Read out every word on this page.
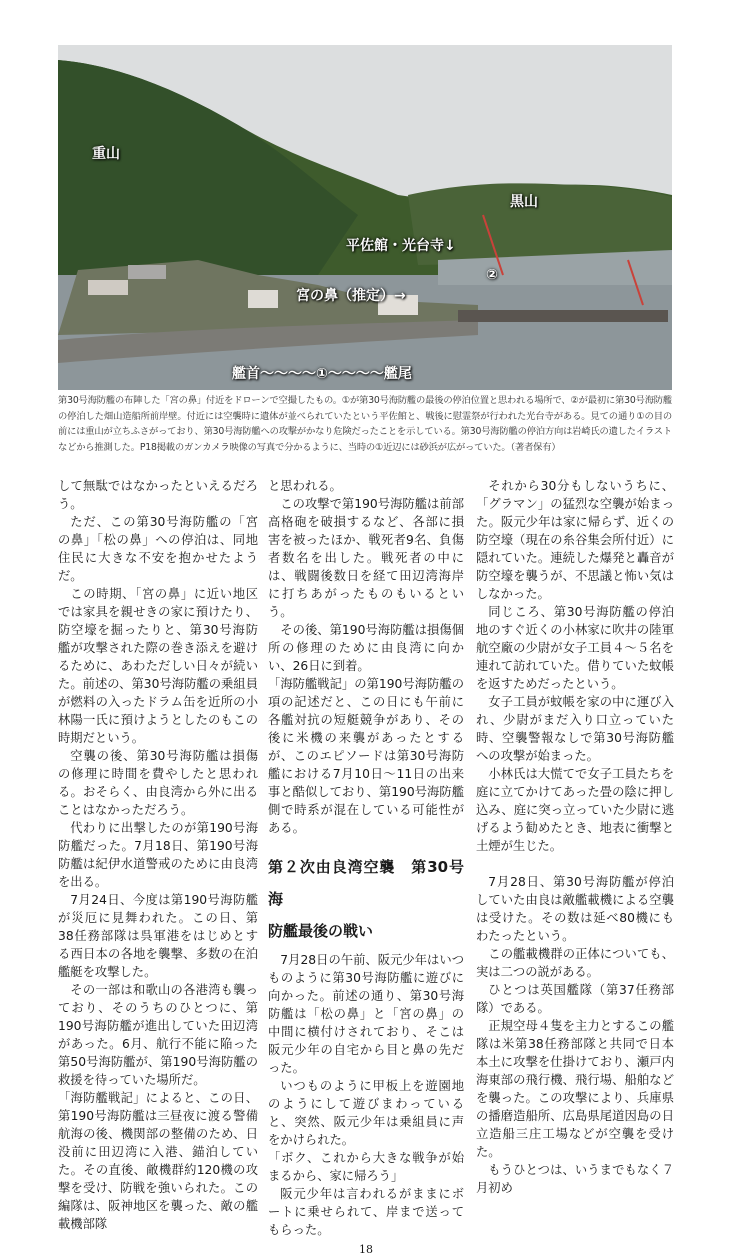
重山
黒山
平佐館・光台寺↓
②
宮の鼻（推定）→
艦首～～～～①～～～～艦尾
第30号海防艦の布陣した「宮の鼻」付近をドローンで空撮したもの。①が第30号海防艦の最後の停泊位置と思われる場所で、②が最初に第30号海防艦の停泊した畑山造船所前岸壁。付近には空襲時に遺体が並べられていたという平佐館と、戦後に慰霊祭が行われた光台寺がある。見ての通り①の目の前には重山が立ちふさがっており、第30号海防艦への攻撃がかなり危険だったことを示している。第30号海防艦の停泊方向は岩崎氏の遺したイラストなどから推測した。P18掲載のガンカメラ映像の写真で分かるように、当時の①近辺には砂浜が広がっていた。（著者保有）

して無駄ではなかったといえるだろう。

ただ、この第30号海防艦の「宮の鼻」「松の鼻」への停泊は、同地住民に大きな不安を抱かせたようだ。

この時期、「宮の鼻」に近い地区では家具を親せきの家に預けたり、防空壕を掘ったりと、第30号海防艦が攻撃された際の巻き添えを避けるために、あわただしい日々が続いた。前述の、第30号海防艦の乗組員が燃料の入ったドラム缶を近所の小林陽一氏に預けようとしたのもこの時期だという。

空襲の後、第30号海防艦は損傷の修理に時間を費やしたと思われる。おそらく、由良湾から外に出ることはなかっただろう。

代わりに出撃したのが第190号海防艦だった。7月18日、第190号海防艦は紀伊水道警戒のために由良湾を出る。

7月24日、今度は第190号海防艦が災厄に見舞われた。この日、第38任務部隊は呉軍港をはじめとする西日本の各地を襲撃、多数の在泊艦艇を攻撃した。

その一部は和歌山の各港湾も襲っており、そのうちのひとつに、第190号海防艦が進出していた田辺湾があった。6月、航行不能に陥った第50号海防艦が、第190号海防艦の救援を待っていた場所だ。

「海防艦戦記」によると、この日、第190号海防艦は三昼夜に渡る警備航海の後、機関部の整備のため、日没前に田辺湾に入港、錨泊していた。その直後、敵機群約120機の攻撃を受け、防戦を強いられた。この編隊は、阪神地区を襲った、敵の艦載機部隊

と思われる。

この攻撃で第190号海防艦は前部高格砲を破損するなど、各部に損害を被ったほか、戦死者9名、負傷者数名を出した。戦死者の中には、戦闘後数日を経て田辺湾海岸に打ちあがったものもいるという。

その後、第190号海防艦は損傷個所の修理のために由良湾に向かい、26日に到着。

「海防艦戦記」の第190号海防艦の項の記述だと、この日にも午前に各艦対抗の短艇競争があり、その後に米機の来襲があったとするが、このエピソードは第30号海防艦における7月10日～11日の出来事と酷似しており、第190号海防艦側で時系が混在している可能性がある。

第２次由良湾空襲　第30号海
防艦最後の戦い

7月28日の午前、阪元少年はいつものように第30号海防艦に遊びに向かった。前述の通り、第30号海防艦は「松の鼻」と「宮の鼻」の中間に横付けされており、そこは阪元少年の自宅から目と鼻の先だった。

いつものように甲板上を遊園地のようにして遊びまわっていると、突然、阪元少年は乗組員に声をかけられた。

「ボク、これから大きな戦争が始まるから、家に帰ろう」

阪元少年は言われるがままにボートに乗せられて、岸まで送ってもらった。

それから30分もしないうちに、「グラマン」の猛烈な空襲が始まった。阪元少年は家に帰らず、近くの防空壕（現在の糸谷集会所付近）に隠れていた。連続した爆発と轟音が防空壕を襲うが、不思議と怖い気はしなかった。

同じころ、第30号海防艦の停泊地のすぐ近くの小林家に吹井の陸軍航空廠の少尉が女子工員４～５名を連れて訪れていた。借りていた蚊帳を返すためだったという。

女子工員が蚊帳を家の中に運び入れ、少尉がまだ入り口立っていた時、空襲警報なしで第30号海防艦への攻撃が始まった。

小林氏は大慌てで女子工員たちを庭に立てかけてあった畳の陰に押し込み、庭に突っ立っていた少尉に逃げるよう勧めたとき、地表に衝撃と土煙が生じた。

7月28日、第30号海防艦が停泊していた由良は敵艦載機による空襲は受けた。その数は延べ80機にもわたったという。

この艦載機群の正体についても、実は二つの説がある。

ひとつは英国艦隊（第37任務部隊）である。

正規空母４隻を主力とするこの艦隊は米第38任務部隊と共同で日本本土に攻撃を仕掛けており、瀬戸内海東部の飛行機、飛行場、船舶などを襲った。この攻撃により、兵庫県の播磨造船所、広島県尾道因島の日立造船三庄工場などが空襲を受けた。

もうひとつは、いうまでもなく７月初め

18
